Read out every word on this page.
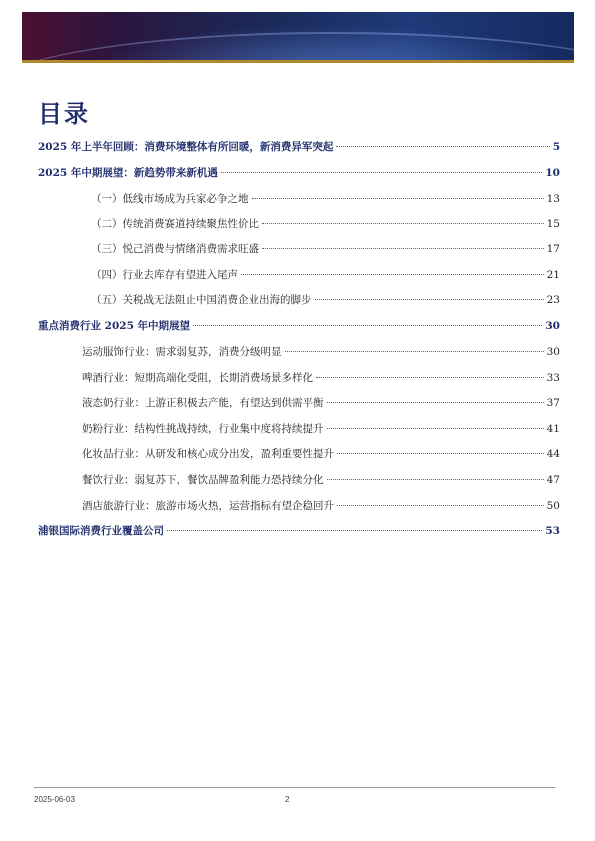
目录
2025 年上半年回顾：消费环境整体有所回暖，新消费异军突起	5
2025 年中期展望：新趋势带来新机遇	10
（一）低线市场成为兵家必争之地	13
（二）传统消费赛道持续聚焦性价比	15
（三）悦己消费与情绪消费需求旺盛	17
（四）行业去库存有望进入尾声	21
（五）关税战无法阻止中国消费企业出海的脚步	23
重点消费行业 2025 年中期展望	30
运动服饰行业：需求弱复苏，消费分级明显	30
啤酒行业：短期高端化受阻，长期消费场景多样化	33
液态奶行业：上游正积极去产能，有望达到供需平衡	37
奶粉行业：结构性挑战持续，行业集中度将持续提升	41
化妆品行业：从研发和核心成分出发，盈利重要性提升	44
餐饮行业：弱复苏下，餐饮品牌盈利能力恐持续分化	47
酒店旅游行业：旅游市场火热，运营指标有望企稳回升	50
浦银国际消费行业覆盖公司	53
2025-06-03	2
